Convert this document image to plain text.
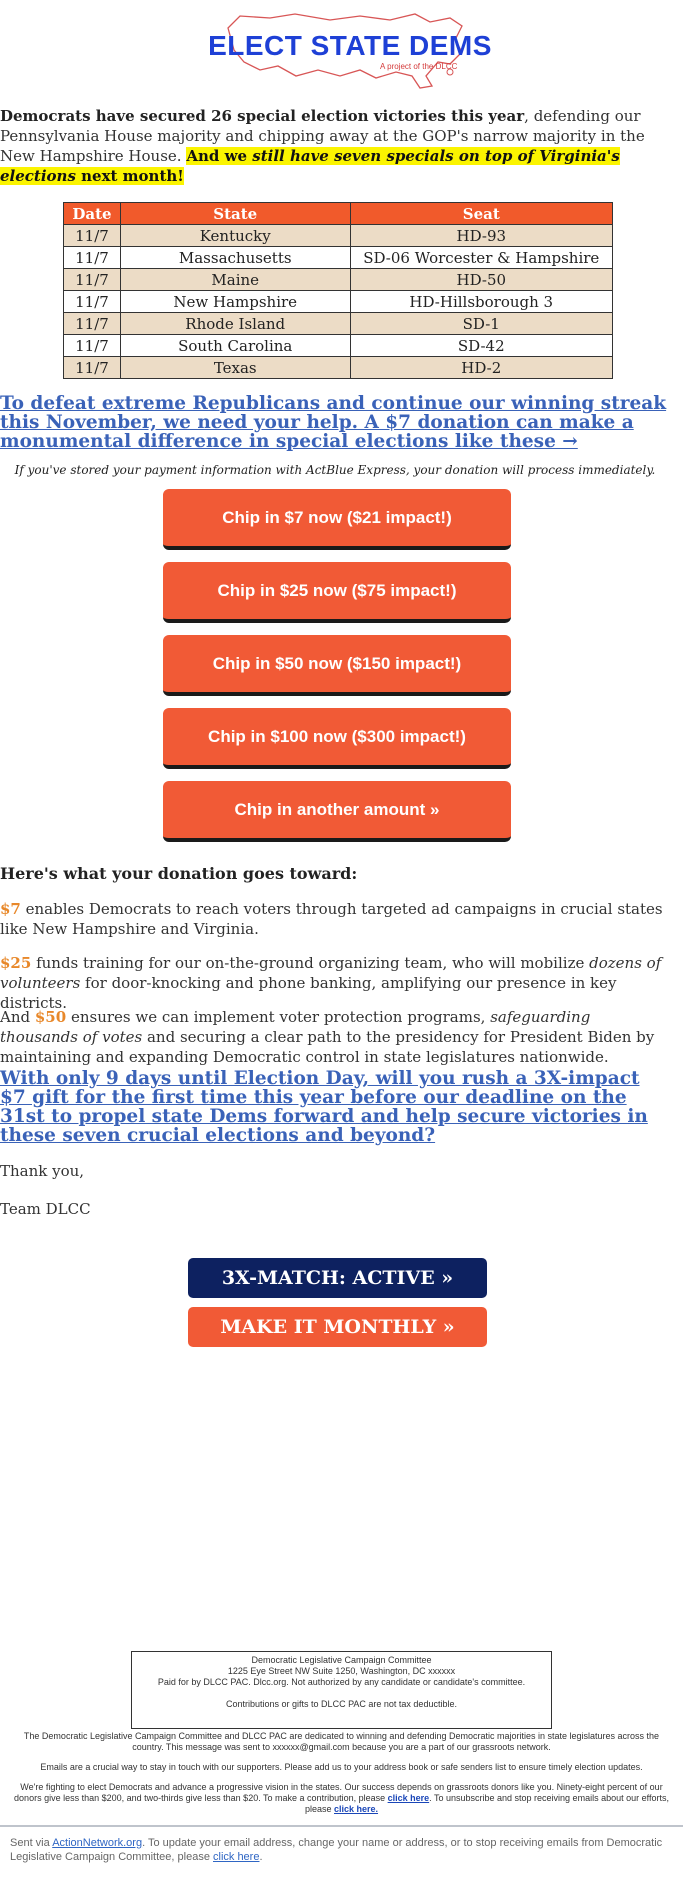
ELECT STATE DEMS
A project of the DLCC
Democrats have secured 26 special election victories this year, defending our Pennsylvania House majority and chipping away at the GOP's narrow majority in the New Hampshire House. And we still have seven specials on top of Virginia's elections next month!
Date	State	Seat
11/7	Kentucky	HD-93
11/7	Massachusetts	SD-06 Worcester & Hampshire
11/7	Maine	HD-50
11/7	New Hampshire	HD-Hillsborough 3
11/7	Rhode Island	SD-1
11/7	South Carolina	SD-42
11/7	Texas	HD-2
To defeat extreme Republicans and continue our winning streak this November, we need your help. A $7 donation can make a monumental difference in special elections like these →
If you've stored your payment information with ActBlue Express, your donation will process immediately.
Chip in $7 now ($21 impact!)
Chip in $25 now ($75 impact!)
Chip in $50 now ($150 impact!)
Chip in $100 now ($300 impact!)
Chip in another amount »
Here's what your donation goes toward:
$7 enables Democrats to reach voters through targeted ad campaigns in crucial states like New Hampshire and Virginia.
$25 funds training for our on-the-ground organizing team, who will mobilize dozens of volunteers for door-knocking and phone banking, amplifying our presence in key districts.
And $50 ensures we can implement voter protection programs, safeguarding thousands of votes and securing a clear path to the presidency for President Biden by maintaining and expanding Democratic control in state legislatures nationwide.
With only 9 days until Election Day, will you rush a 3X-impact $7 gift for the first time this year before our deadline on the 31st to propel state Dems forward and help secure victories in these seven crucial elections and beyond?
Thank you,
Team DLCC
3X-MATCH: ACTIVE »
MAKE IT MONTHLY »
Democratic Legislative Campaign Committee
1225 Eye Street NW Suite 1250, Washington, DC xxxxxx
Paid for by DLCC PAC. Dlcc.org. Not authorized by any candidate or candidate's committee.
Contributions or gifts to DLCC PAC are not tax deductible.
The Democratic Legislative Campaign Committee and DLCC PAC are dedicated to winning and defending Democratic majorities in state legislatures across the country. This message was sent to xxxxxx@gmail.com because you are a part of our grassroots network.
Emails are a crucial way to stay in touch with our supporters. Please add us to your address book or safe senders list to ensure timely election updates.
We're fighting to elect Democrats and advance a progressive vision in the states. Our success depends on grassroots donors like you. Ninety-eight percent of our donors give less than $200, and two-thirds give less than $20. To make a contribution, please click here. To unsubscribe and stop receiving emails about our efforts, please click here.
Sent via ActionNetwork.org. To update your email address, change your name or address, or to stop receiving emails from Democratic Legislative Campaign Committee, please click here.
